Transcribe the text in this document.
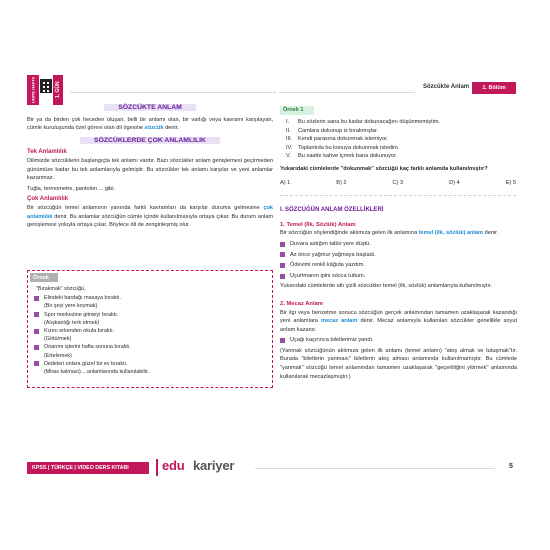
UNITE HAFTA	1. GÜN	Sözcükte Anlam	1. Bölüm
SÖZCÜKTE ANLAM

Bir ya da birden çok heceden oluşan, belli bir anlamı olan, bir varlığı veya kavramı karşılayan, cümle kuruluşunda özel görevi olan dil ögesine sözcük denir.

SÖZCÜKLERDE ÇOK ANLAMLILIK
Tek Anlamlılık

Dilimizde sözcüklerin başlangıçta tek anlamı vardır. Bazı sözcükler anlam genişlemesi geçirmeden günümüze kadar bu tek anlamlarıyla gelmiştir. Bu sözcükler tek anlamı karşılar ve yeni anlamlar kazanmaz.

Tuğla, termometre, pantolon ... gibi.

Çok Anlamlılık

Bir sözcüğün temel anlamının yanında farklı kavramları da karşılar duruma gelmesine çok anlamlılık denir. Bu anlamlar sözcüğün cümle içinde kullanılmasıyla ortaya çıkar. Bu durum anlam genişlemesi yoluyla ortaya çıkar. Böylece dil de zenginleşmiş olur.

Örnek
"Bırakmak" sözcüğü,
Elindeki bardağı masaya bıraktı.
(Bir şeyi yere koymak)
Spor merkezine gitmeyi bıraktı.
(Alışkanlığı terk etmek)
Kızını erkenden okula bıraktı.
(Götürmek)
Onarımı işlerini hafta sonuna bıraktı.
(Ertelemek)
Dedeleri onlara güzel bir ev bıraktı.
(Miras kalması)... anlamlarında kullanılabilir.
Örnek 1
I.	Bu sözlerin sana bu kadar dokunacağını düşünmemiştim.
II.	Camlara dokunup iz bırakmışlar.
III.	Kendi parasına dokunmak istemiyor.
IV.	Toplantıda bu konuya dokunmak istedim.
V.	Bu saatte kahve içmek bana dokunuyor.
Yukarıdaki cümlelerde "dokunmak" sözcüğü kaç farklı anlamda kullanılmıştır?
A) 1	B) 2	C) 3	D) 4	E) 5
I. SÖZCÜĞÜN ANLAM ÖZELLİKLERİ
1. Temel (İlk, Sözlük) Anlam

Bir sözcüğün söylendiğinde aklımıza gelen ilk anlamına temel (ilk, sözlük) anlam denir.

Duvara astığım tablo yere düştü.
Az önce yağmur yağmaya başladı.
Ödevimi renkli kâğıda yazdım.
Uçurtmanın ipini sıkıca tuttum.

Yukarıdaki cümlelerde altı çizili sözcükler temel (ilk, sözlük) anlamlarıyla kullanılmıştır.

2. Mecaz Anlam

Bir ilgi veya benzetme sonucu sözcüğün gerçek anlamından tamamen uzaklaşarak kazandığı yeni anlamlara mecaz anlam denir. Mecaz anlamıyla kullanılan sözcükler genellikle soyut anlam kazanır.

Uçağı kaçırınca biletlerimiz yandı.

(Yanmak sözcüğünün aklımıza gelen ilk anlamı (temel anlamı) "ateş almak ve tutuşmak"tır. Burada "biletlerin yanması" biletlerin ateş alması anlamında kullanılmamıştır. Bu cümlede "yanmak" sözcüğü temel anlamından tamamen uzaklaşarak "geçerliliğini yitirmek" anlamında kullanılarak mecazlaşmıştır.)

KPSS | TÜRKÇE | VIDEO DERS KITABI	edu kariyer	5
